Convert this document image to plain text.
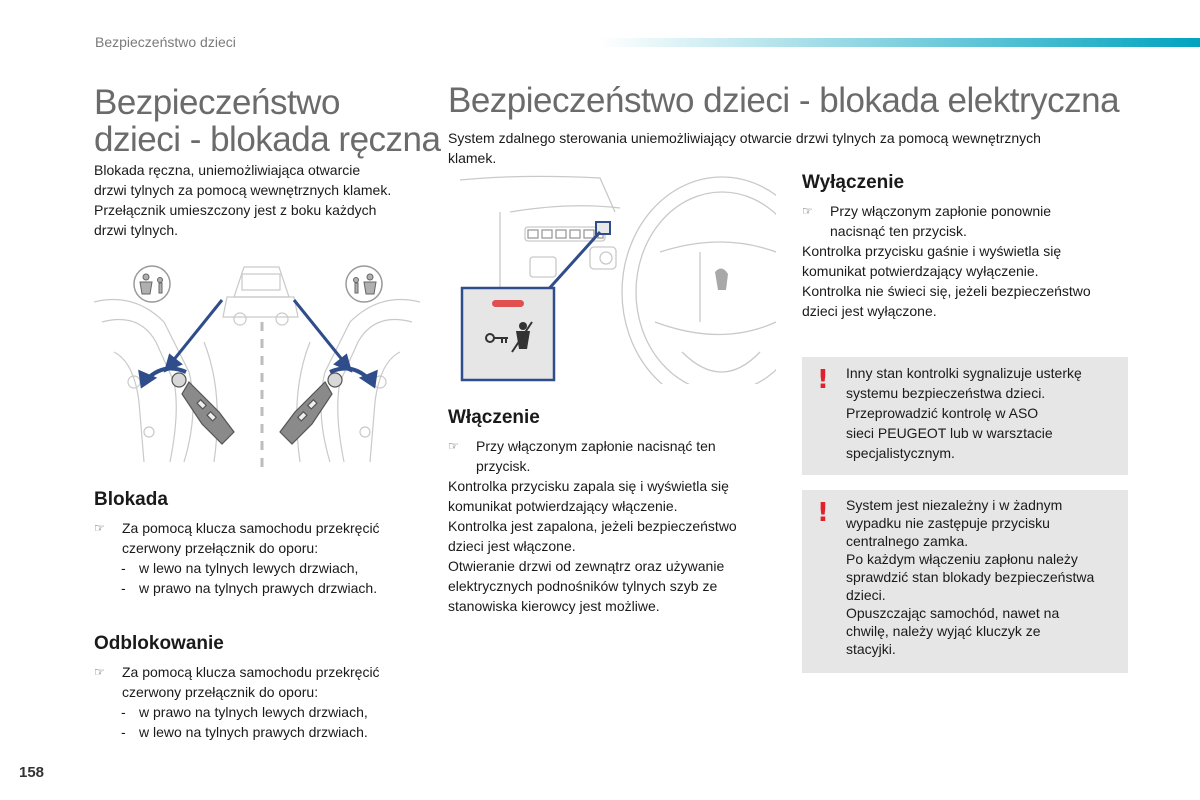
Bezpieczeństwo dzieci
Bezpieczeństwo
dzieci - blokada ręczna
Blokada ręczna, uniemożliwiająca otwarcie
drzwi tylnych za pomocą wewnętrznych klamek.
Przełącznik umieszczony jest z boku każdych
drzwi tylnych.
Blokada
☞ Za pomocą klucza samochodu przekręcić
czerwony przełącznik do oporu:
- w lewo na tylnych lewych drzwiach,
- w prawo na tylnych prawych drzwiach.
Odblokowanie
☞ Za pomocą klucza samochodu przekręcić
czerwony przełącznik do oporu:
- w prawo na tylnych lewych drzwiach,
- w lewo na tylnych prawych drzwiach.
Bezpieczeństwo dzieci - blokada elektryczna
System zdalnego sterowania uniemożliwiający otwarcie drzwi tylnych za pomocą wewnętrznych
klamek.
Włączenie
☞ Przy włączonym zapłonie nacisnąć ten
przycisk.
Kontrolka przycisku zapala się i wyświetla się
komunikat potwierdzający włączenie.
Kontrolka jest zapalona, jeżeli bezpieczeństwo
dzieci jest włączone.
Otwieranie drzwi od zewnątrz oraz używanie
elektrycznych podnośników tylnych szyb ze
stanowiska kierowcy jest możliwe.
Wyłączenie
☞ Przy włączonym zapłonie ponownie
nacisnąć ten przycisk.
Kontrolka przycisku gaśnie i wyświetla się
komunikat potwierdzający wyłączenie.
Kontrolka nie świeci się, jeżeli bezpieczeństwo
dzieci jest wyłączone.
! Inny stan kontrolki sygnalizuje usterkę
systemu bezpieczeństwa dzieci.
Przeprowadzić kontrolę w ASO
sieci PEUGEOT lub w warsztacie
specjalistycznym.
! System jest niezależny i w żadnym
wypadku nie zastępuje przycisku
centralnego zamka.
Po każdym włączeniu zapłonu należy
sprawdzić stan blokady bezpieczeństwa
dzieci.
Opuszczając samochód, nawet na
chwilę, należy wyjąć kluczyk ze
stacyjki.
158
